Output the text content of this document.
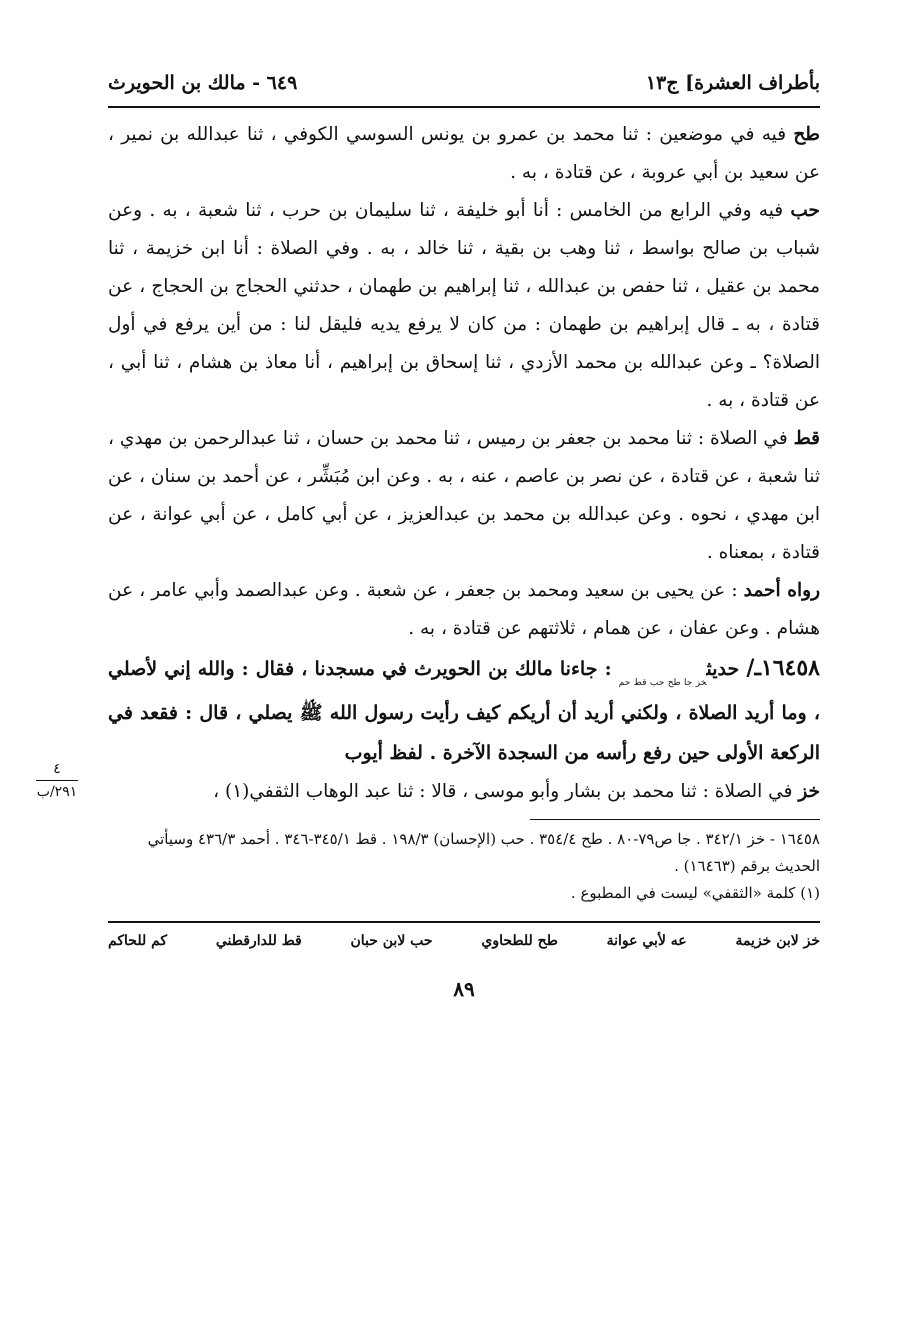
بأطراف العشرة] ج١٣
٦٤٩ - مالك بن الحويرث

طح فيه في موضعين : ثنا محمد بن عمرو بن يونس السوسي الكوفي ، ثنا عبدالله بن نمير ، عن سعيد بن أبي عروبة ، عن قتادة ، به .

حب فيه وفي الرابع من الخامس : أنا أبو خليفة ، ثنا سليمان بن حرب ، ثنا شعبة ، به . وعن شباب بن صالح بواسط ، ثنا وهب بن بقية ، ثنا خالد ، به . وفي الصلاة : أنا ابن خزيمة ، ثنا محمد بن عقيل ، ثنا حفص بن عبدالله ، ثنا إبراهيم بن طهمان ، حدثني الحجاج بن الحجاج ، عن قتادة ، به ـ قال إبراهيم بن طهمان : من كان لا يرفع يديه فليقل لنا : من أين يرفع في أول الصلاة؟ ـ وعن عبدالله بن محمد الأزدي ، ثنا إسحاق بن إبراهيم ، أنا معاذ بن هشام ، ثنا أبي ، عن قتادة ، به .

قط في الصلاة : ثنا محمد بن جعفر بن رميس ، ثنا محمد بن حسان ، ثنا عبدالرحمن بن مهدي ، ثنا شعبة ، عن قتادة ، عن نصر بن عاصم ، عنه ، به . وعن ابن مُبَشِّر ، عن أحمد بن سنان ، عن ابن مهدي ، نحوه . وعن عبدالله بن محمد بن عبدالعزيز ، عن أبي كامل ، عن أبي عوانة ، عن قتادة ، بمعناه .

رواه أحمد : عن يحيى بن سعيد ومحمد بن جعفر ، عن شعبة . وعن عبدالصمد وأبي عامر ، عن هشام . وعن عفان ، عن همام ، ثلاثتهم عن قتادة ، به .

١٦٤٥٨ـ/ حديث$_{خز جا طح حب قط حم}$ : جاءنا مالك بن الحويرث في مسجدنا ، فقال : والله إني لأصلي ، وما أريد الصلاة ، ولكني أريد أن أريكم كيف رأيت رسول الله ﷺ يصلي ، قال : فقعد في الركعة الأولى حين رفع رأسه من السجدة الآخرة . لفظ أيوب

خز في الصلاة : ثنا محمد بن بشار وأبو موسى ، قالا : ثنا عبد الوهاب الثقفي(١) ،

٤
٢٩١/ب

١٦٤٥٨ - خز ٣٤٢/١ . جا ص٧٩-٨٠ . طح ٣٥٤/٤ . حب (الإحسان) ١٩٨/٣ . قط ٣٤٥/١-٣٤٦ . أحمد ٤٣٦/٣ وسيأتي الحديث برقم (١٦٤٦٣) .

(١) كلمة «الثقفي» ليست في المطبوع .

خز لابن خزيمة
عه لأبي عوانة
طح للطحاوي
حب لابن حبان
قط للدارقطني
كم للحاكم
٨٩
